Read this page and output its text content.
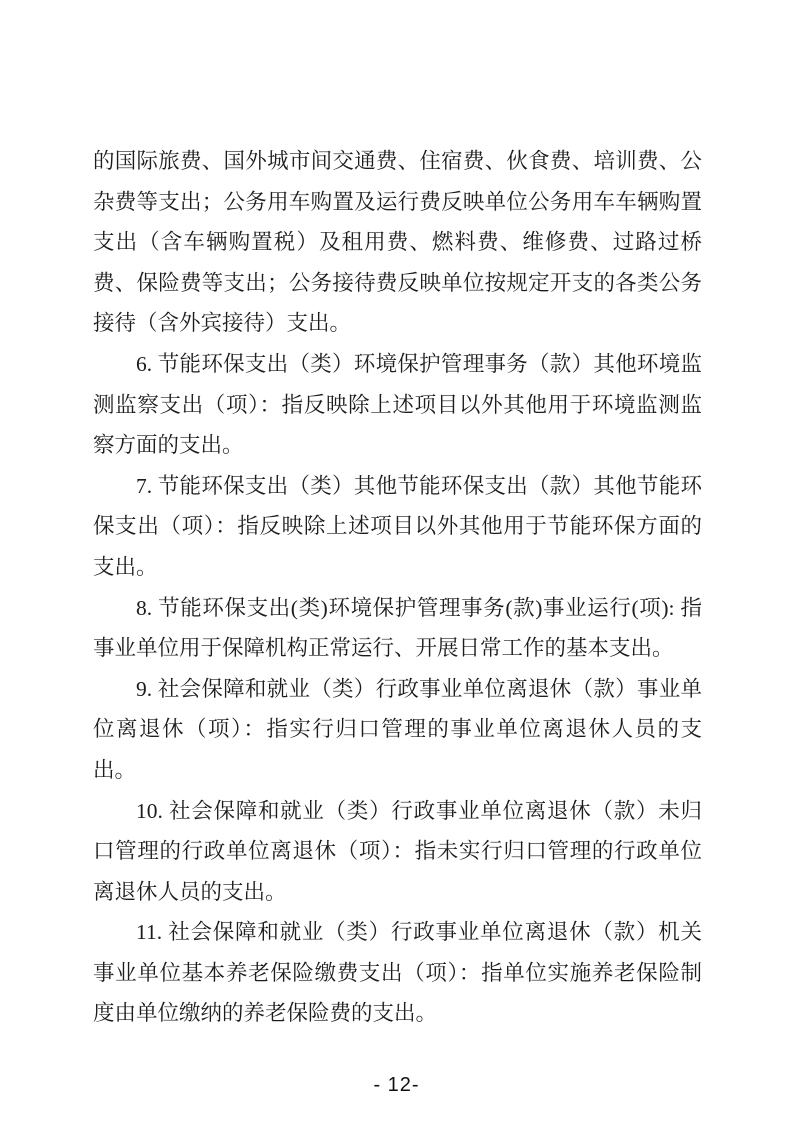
的国际旅费、国外城市间交通费、住宿费、伙食费、培训费、公杂费等支出；公务用车购置及运行费反映单位公务用车车辆购置支出（含车辆购置税）及租用费、燃料费、维修费、过路过桥费、保险费等支出；公务接待费反映单位按规定开支的各类公务接待（含外宾接待）支出。

6. 节能环保支出（类）环境保护管理事务（款）其他环境监测监察支出（项）：指反映除上述项目以外其他用于环境监测监察方面的支出。

7. 节能环保支出（类）其他节能环保支出（款）其他节能环保支出（项）：指反映除上述项目以外其他用于节能环保方面的支出。

8. 节能环保支出(类)环境保护管理事务(款)事业运行(项): 指事业单位用于保障机构正常运行、开展日常工作的基本支出。

9. 社会保障和就业（类）行政事业单位离退休（款）事业单位离退休（项）：指实行归口管理的事业单位离退休人员的支出。

10. 社会保障和就业（类）行政事业单位离退休（款）未归口管理的行政单位离退休（项）：指未实行归口管理的行政单位离退休人员的支出。

11. 社会保障和就业（类）行政事业单位离退休（款）机关事业单位基本养老保险缴费支出（项）：指单位实施养老保险制度由单位缴纳的养老保险费的支出。

- 12-
